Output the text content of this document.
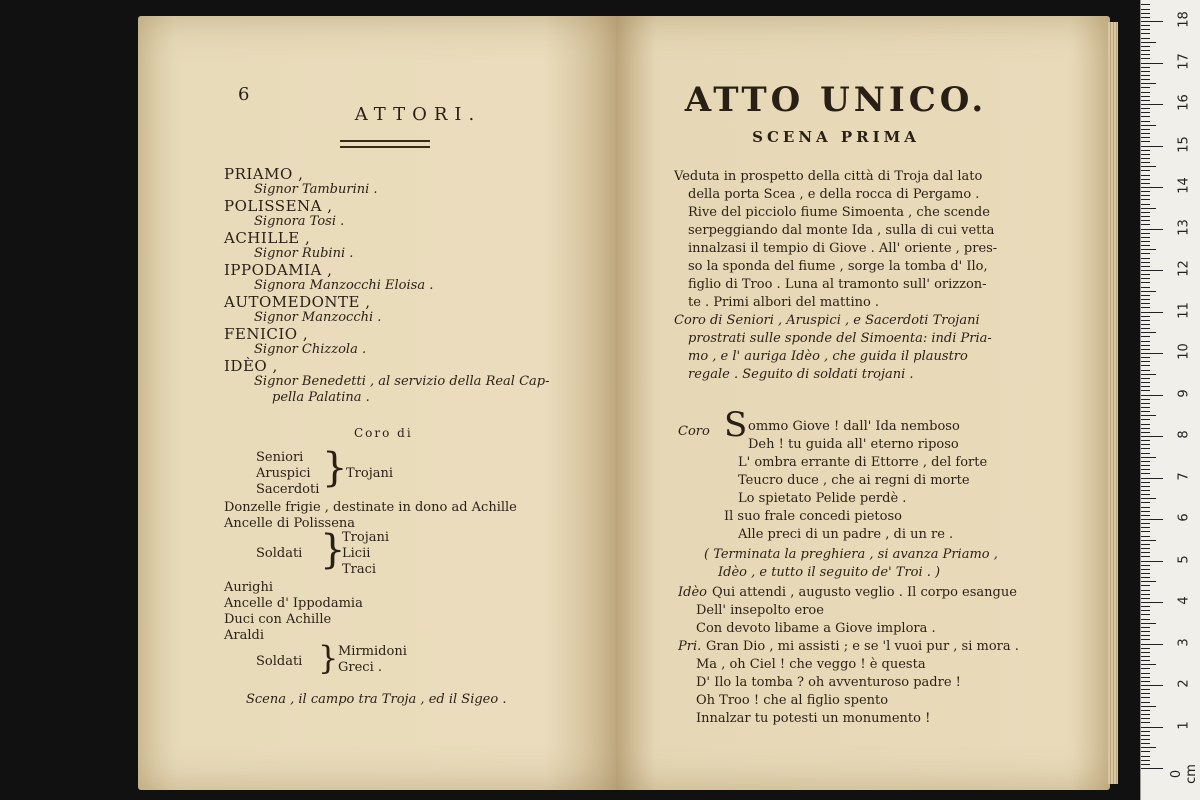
6
ATTORI.
PRIAMO ,
Signor Tamburini .
POLISSENA ,
Signora Tosi .
ACHILLE ,
Signor Rubini .
IPPODAMIA ,
Signora Manzocchi Eloisa .
AUTOMEDONTE ,
Signor Manzocchi .
FENICIO ,
Signor Chizzola .
IDÈO ,
Signor Benedetti , al servizio della Real Cap-
pella Palatina .
Coro di
Seniori
Aruspici
Sacerdoti }
Trojani
Donzelle frigie , destinate in dono ad Achille
Ancelle di Polissena
Soldati }
Trojani
Licii
Traci
Aurighi
Ancelle d' Ippodamia
Duci con Achille
Araldi
Soldati } Mirmidoni
Greci .
Scena , il campo tra Troja , ed il Sigeo .
ATTO UNICO.
SCENA PRIMA
Veduta in prospetto della città di Troja dal lato
della porta Scea , e della rocca di Pergamo .
Rive del picciolo fiume Simoenta , che scende
serpeggiando dal monte Ida , sulla di cui vetta
innalzasi il tempio di Giove . All' oriente , pres-
so la sponda del fiume , sorge la tomba d' Ilo,
figlio di Troo . Luna al tramonto sull' orizzon-
te . Primi albori del mattino .
Coro di Seniori , Aruspici , e Sacerdoti Trojani
prostrati sulle sponde del Simoenta: indi Pria-
mo , e l' auriga Idèo , che guida il plaustro
regale . Seguito di soldati trojani .
Coro S ommo Giove ! dall' Ida nemboso
Deh ! tu guida all' eterno riposo
L' ombra errante di Ettorre , del forte
Teucro duce , che ai regni di morte
Lo spietato Pelide perdè .
Il suo frale concedi pietoso
Alle preci di un padre , di un re .
( Terminata la preghiera , si avanza Priamo ,
Idèo , e tutto il seguito de' Troi . )
Idèo Qui attendi , augusto veglio . Il corpo esangue
Dell' insepolto eroe
Con devoto libame a Giove implora .
Pri. Gran Dio , mi assisti ; e se 'l vuoi pur , si mora .
Ma , oh Ciel ! che veggo ! è questa
D' Ilo la tomba ? oh avventuroso padre !
Oh Troo ! che al figlio spento
Innalzar tu potesti un monumento !
0 cm
1
2
3
4
5
6
7
8
9
10
11
12
13
14
15
16
17
18
